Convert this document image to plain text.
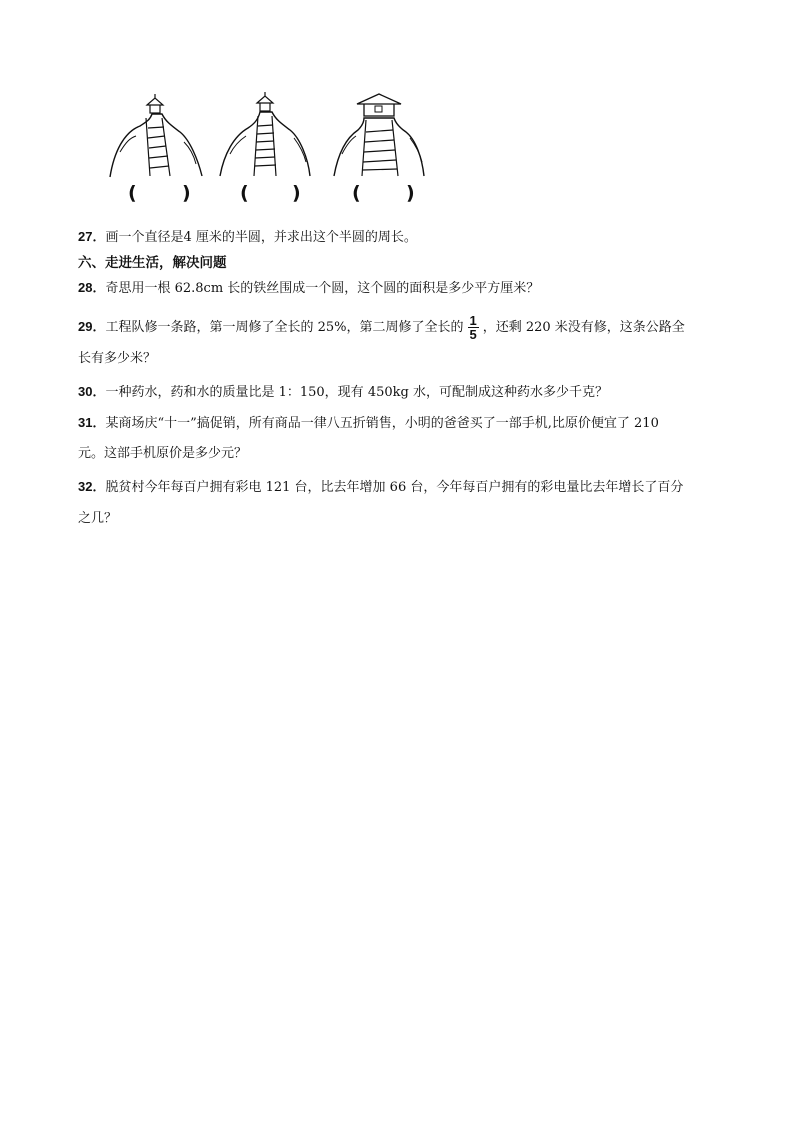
( )	( )	( )
27．画一个直径是4 厘米的半圆，并求出这个半圆的周长。
六、走进生活，解决问题
28．奇思用一根 62.8cm 长的铁丝围成一个圆，这个圆的面积是多少平方厘米？
29．工程队修一条路，第一周修了全长的 25%，第二周修了全长的 $\frac{1}{5}$ ，还剩 220 米没有修，这条公路全
长有多少米？
30．一种药水，药和水的质量比是 1：150，现有 450kg 水，可配制成这种药水多少千克？
31．某商场庆“十一”搞促销，所有商品一律八五折销售，小明的爸爸买了一部手机,比原价便宜了 210
元。这部手机原价是多少元？
32．脱贫村今年每百户拥有彩电 121 台，比去年增加 66 台，今年每百户拥有的彩电量比去年增长了百分
之几？
